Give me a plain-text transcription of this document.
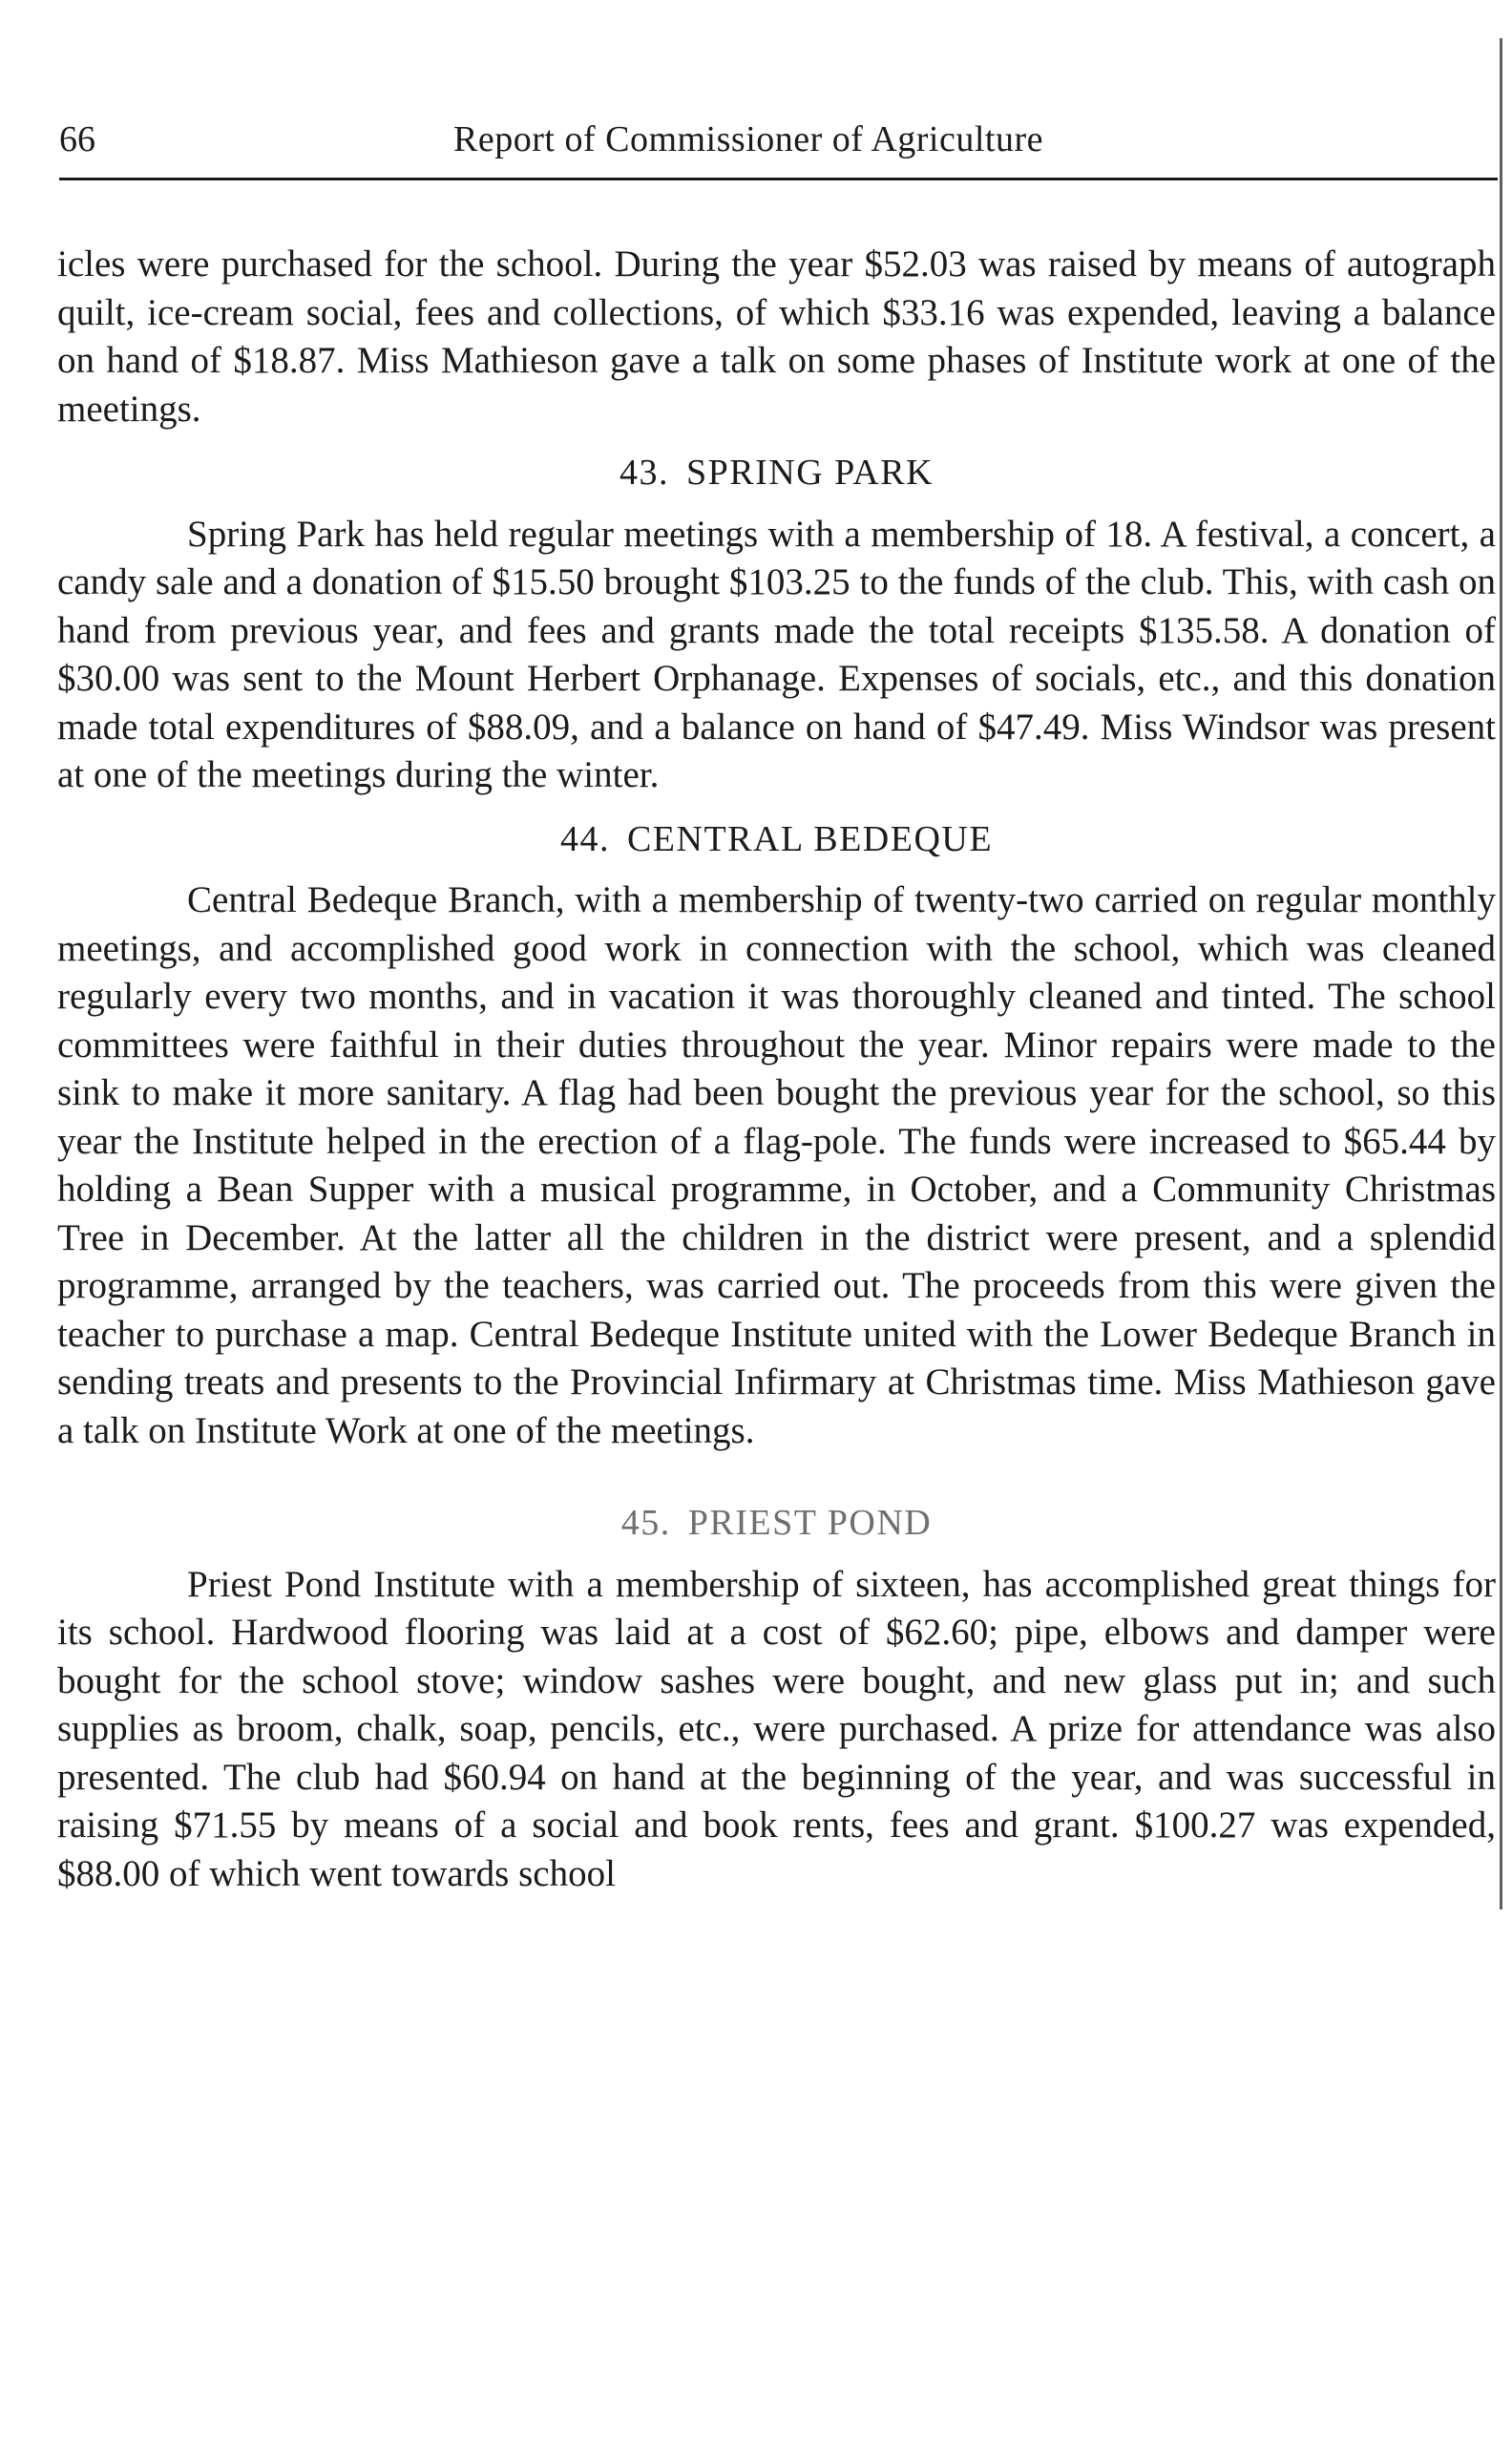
66	Report of Commissioner of Agriculture

icles were purchased for the school. During the year $52.03 was raised by means of autograph quilt, ice-cream social, fees and collections, of which $33.16 was expended, leaving a balance on hand of $18.87. Miss Mathieson gave a talk on some phases of Institute work at one of the meetings.

43. SPRING PARK

Spring Park has held regular meetings with a membership of 18. A festival, a concert, a candy sale and a donation of $15.50 brought $103.25 to the funds of the club. This, with cash on hand from previous year, and fees and grants made the total receipts $135.58. A donation of $30.00 was sent to the Mount Herbert Orphanage. Expenses of socials, etc., and this donation made total expenditures of $88.09, and a balance on hand of $47.49. Miss Windsor was present at one of the meetings during the winter.

44. CENTRAL BEDEQUE

Central Bedeque Branch, with a membership of twenty-two carried on regular monthly meetings, and accomplished good work in connection with the school, which was cleaned regularly every two months, and in vacation it was thoroughly cleaned and tinted. The school committees were faithful in their duties throughout the year. Minor repairs were made to the sink to make it more sanitary. A flag had been bought the previous year for the school, so this year the Institute helped in the erection of a flag-pole. The funds were increased to $65.44 by holding a Bean Supper with a musical programme, in October, and a Community Christmas Tree in December. At the latter all the children in the district were present, and a splendid programme, arranged by the teachers, was carried out. The proceeds from this were given the teacher to purchase a map. Central Bedeque Institute united with the Lower Bedeque Branch in sending treats and presents to the Provincial Infirmary at Christmas time. Miss Mathieson gave a talk on Institute Work at one of the meetings.

45. PRIEST POND

Priest Pond Institute with a membership of sixteen, has accomplished great things for its school. Hardwood flooring was laid at a cost of $62.60; pipe, elbows and damper were bought for the school stove; window sashes were bought, and new glass put in; and such supplies as broom, chalk, soap, pencils, etc., were purchased. A prize for attendance was also presented. The club had $60.94 on hand at the beginning of the year, and was successful in raising $71.55 by means of a social and book rents, fees and grant. $100.27 was expended, $88.00 of which went towards school
